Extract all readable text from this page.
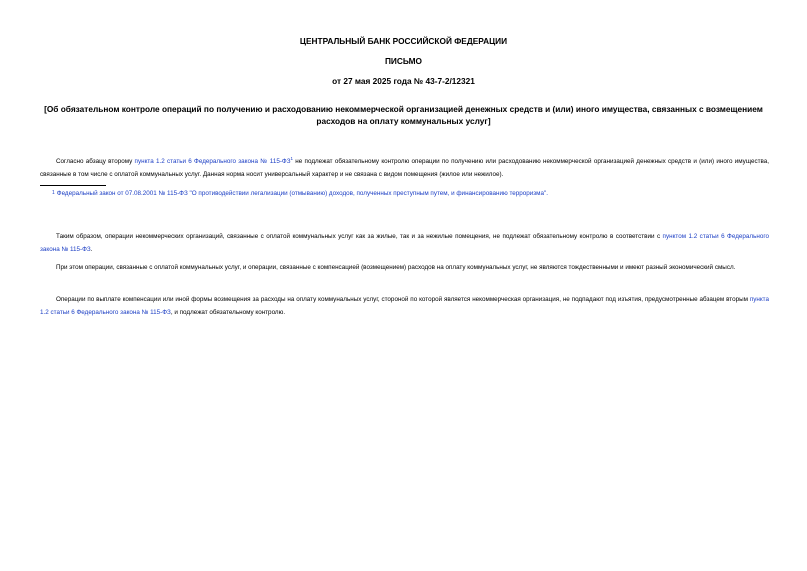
ЦЕНТРАЛЬНЫЙ БАНК РОССИЙСКОЙ ФЕДЕРАЦИИ
ПИСЬМО
от 27 мая 2025 года № 43-7-2/12321
[Об обязательном контроле операций по получению и расходованию некоммерческой организацией денежных средств и (или) иного имущества, связанных с возмещением расходов на оплату коммунальных услуг]
Согласно абзацу второму пункта 1.2 статьи 6 Федерального закона № $115-ФЗ^1$ не подлежат обязательному контролю операции по получению или расходованию некоммерческой организацией денежных средств и (или) иного имущества, связанные в том числе с оплатой коммунальных услуг. Данная норма носит универсальный характер и не связана с видом помещения (жилое или нежилое).
1 Федеральный закон от 07.08.2001 № 115-ФЗ "О противодействии легализации (отмыванию) доходов, полученных преступным путем, и финансированию терроризма".
Таким образом, операции некоммерческих организаций, связанные с оплатой коммунальных услуг как за жилые, так и за нежилые помещения, не подлежат обязательному контролю в соответствии с пунктом 1.2 статьи 6 Федерального закона № 115-ФЗ.
При этом операции, связанные с оплатой коммунальных услуг, и операции, связанные с компенсацией (возмещением) расходов на оплату коммунальных услуг, не являются тождественными и имеют разный экономический смысл.
Операции по выплате компенсации или иной формы возмещения за расходы на оплату коммунальных услуг, стороной по которой является некоммерческая организация, не подпадают под изъятия, предусмотренные абзацем вторым пункта 1.2 статьи 6 Федерального закона № 115-ФЗ, и подлежат обязательному контролю.
